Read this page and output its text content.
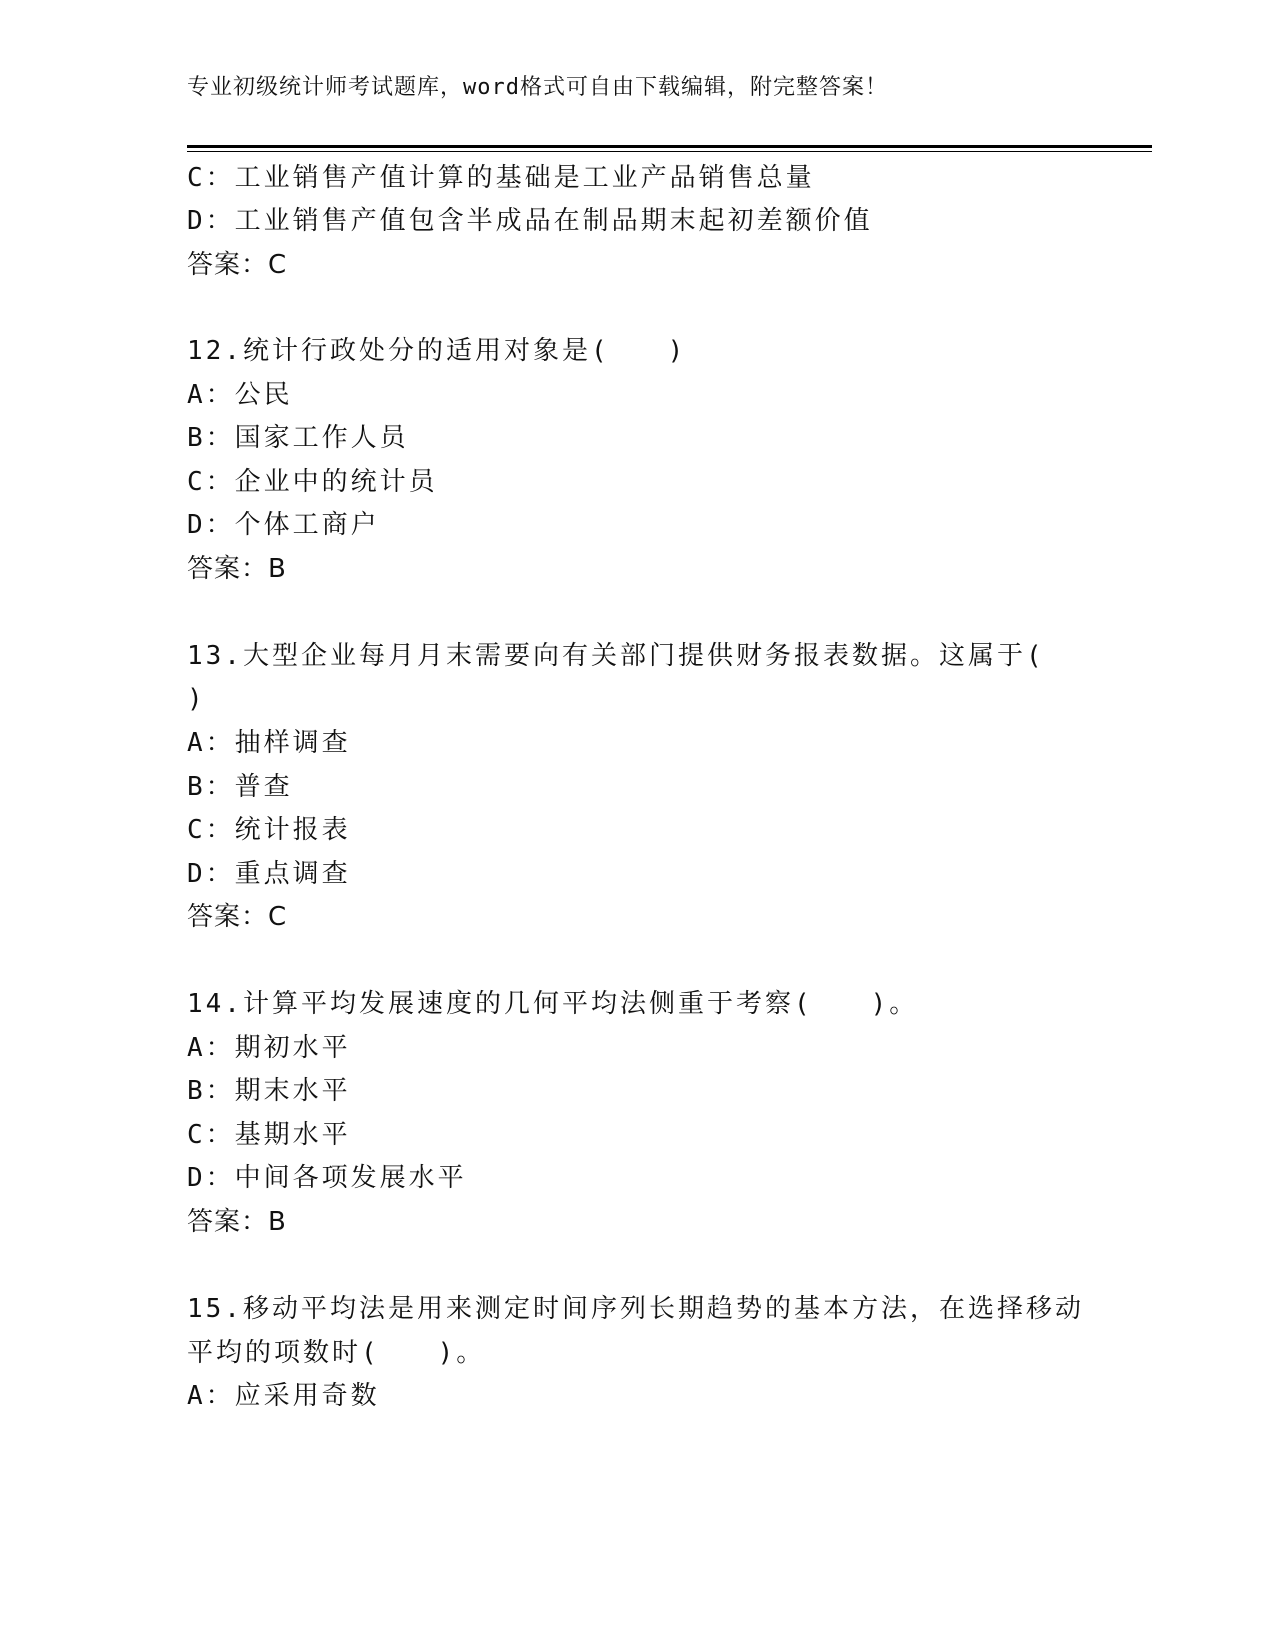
专业初级统计师考试题库，word格式可自由下载编辑，附完整答案！
C：工业销售产值计算的基础是工业产品销售总量
D：工业销售产值包含半成品在制品期末起初差额价值
答案：C
12.统计行政处分的适用对象是(　　)
A：公民
B：国家工作人员
C：企业中的统计员
D：个体工商户
答案：B
13.大型企业每月月末需要向有关部门提供财务报表数据。这属于(
)
A：抽样调查
B：普查
C：统计报表
D：重点调查
答案：C
14.计算平均发展速度的几何平均法侧重于考察(　　)。
A：期初水平
B：期末水平
C：基期水平
D：中间各项发展水平
答案：B
15.移动平均法是用来测定时间序列长期趋势的基本方法，在选择移动
平均的项数时(　　)。
A：应采用奇数
